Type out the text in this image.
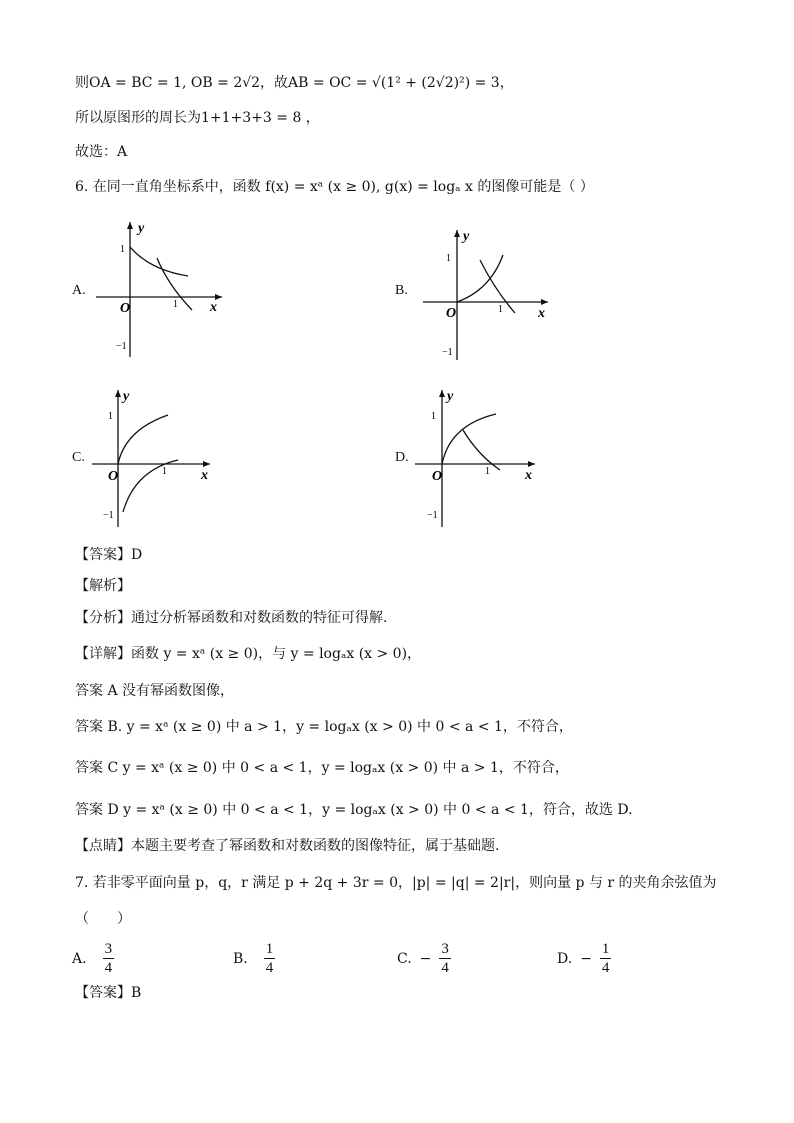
则OA = BC = 1, OB = 2√2，故AB = OC = √(1² + (2√2)²) = 3，
所以原图形的周长为1+1+3+3 = 8 ，
故选：A
6. 在同一直角坐标系中，函数 f(x) = xᵃ (x ≥ 0), g(x) = logₐ x 的图像可能是（ ）
A.	B.
C.	D.
y
x
O
1
1
−1
y
x
O
1
1
−1
y
x
O
1
1
−1
y
x
O
1
1
−1
【答案】D
【解析】
【分析】通过分析幂函数和对数函数的特征可得解.
【详解】函数 y = xᵃ (x ≥ 0)，与 y = logₐx (x > 0)，
答案 A 没有幂函数图像，
答案 B. y = xᵃ (x ≥ 0) 中 a > 1，y = logₐx (x > 0) 中 0 < a < 1，不符合，
答案 C y = xᵃ (x ≥ 0) 中 0 < a < 1，y = logₐx (x > 0) 中 a > 1，不符合，
答案 D y = xᵃ (x ≥ 0) 中 0 < a < 1，y = logₐx (x > 0) 中 0 < a < 1，符合，故选 D.
【点睛】本题主要考查了幂函数和对数函数的图像特征，属于基础题.
7. 若非零平面向量 p，q，r 满足 p + 2q + 3r = 0，|p| = |q| = 2|r|，则向量 p 与 r 的夹角余弦值为
（　　）
A. $\frac{3}{4}$	B. $\frac{1}{4}$	C. − $\frac{3}{4}$	D. − $\frac{1}{4}$
【答案】B
